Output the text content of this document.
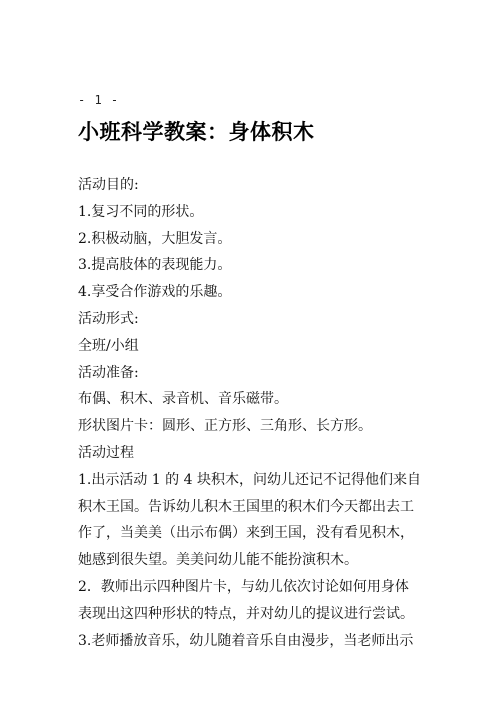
- 1 -
小班科学教案：身体积木
活动目的:
1.复习不同的形状。
2.积极动脑，大胆发言。
3.提高肢体的表现能力。
4.享受合作游戏的乐趣。
活动形式:
全班/小组
活动准备:
布偶、积木、录音机、音乐磁带。
形状图片卡：圆形、正方形、三角形、长方形。
活动过程
1.出示活动 1 的 4 块积木，问幼儿还记不记得他们来自
积木王国。告诉幼儿积木王国里的积木们今天都出去工
作了，当美美（出示布偶）来到王国，没有看见积木，
她感到很失望。美美问幼儿能不能扮演积木。
2．教师出示四种图片卡，与幼儿依次讨论如何用身体
表现出这四种形状的特点，并对幼儿的提议进行尝试。
3.老师播放音乐，幼儿随着音乐自由漫步，当老师出示
